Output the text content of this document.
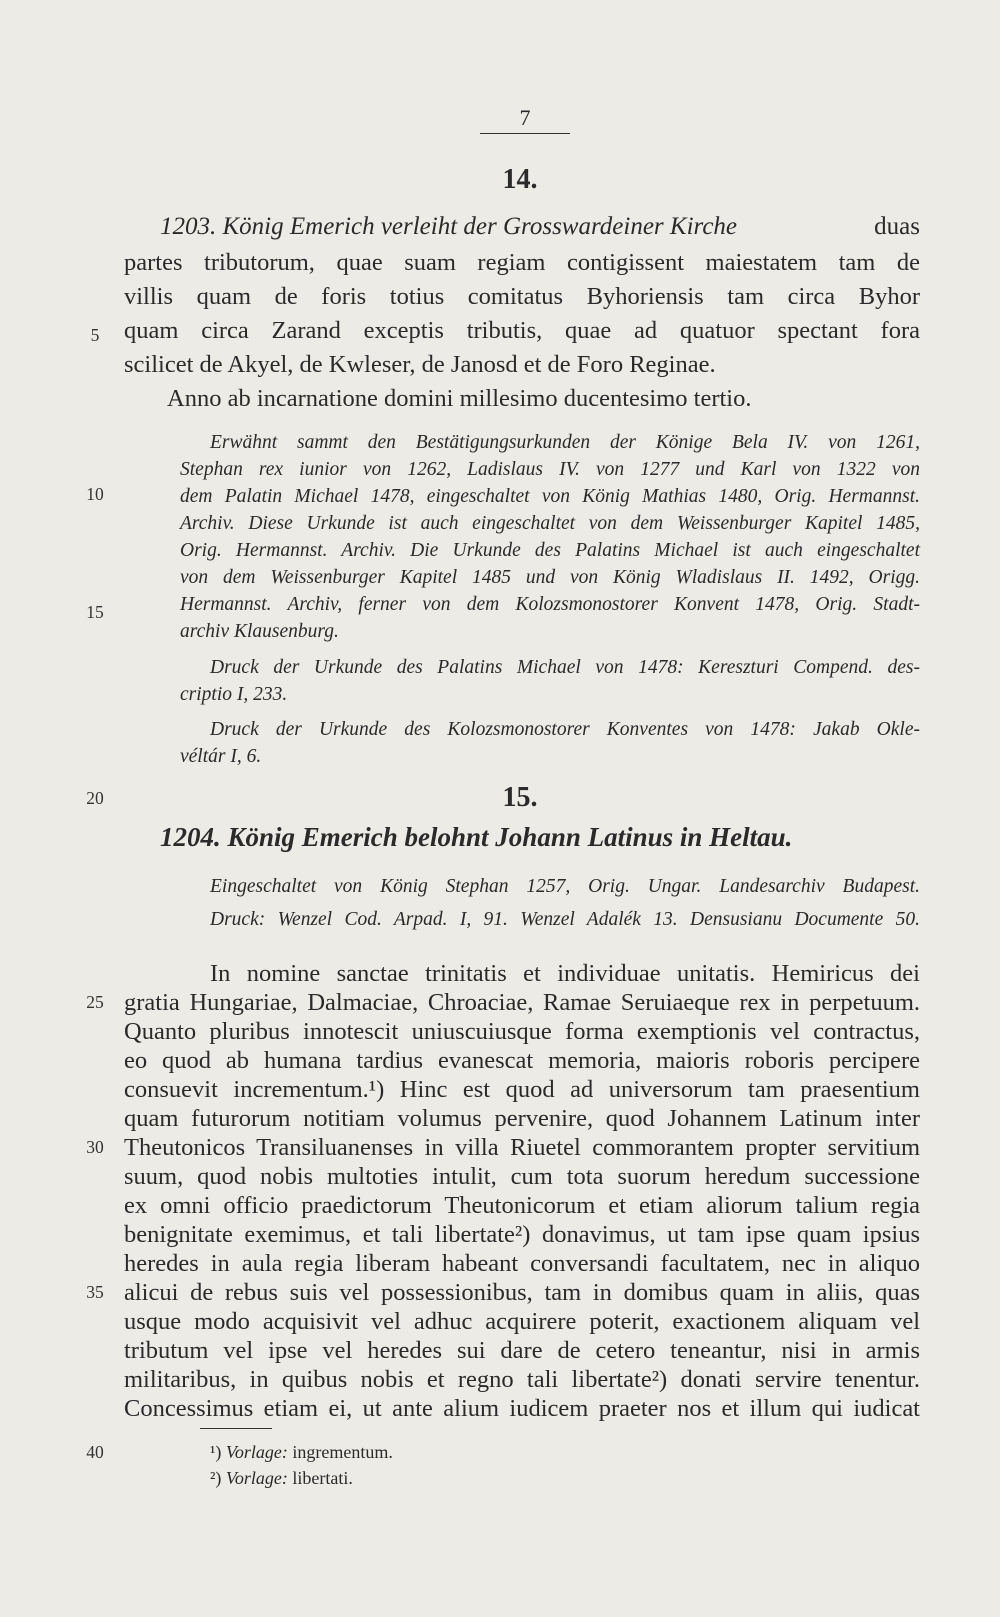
7
14.
1203. König Emerich verleiht der Grosswardeiner Kirche	duas
partes tributorum, quae suam regiam contigissent maiestatem tam de
villis quam de foris totius comitatus Byhoriensis tam circa Byhor
quam circa Zarand exceptis tributis, quae ad quatuor spectant fora
scilicet de Akyel, de Kwleser, de Janosd et de Foro Reginae.
Anno ab incarnatione domini millesimo ducentesimo tertio.
Erwähnt sammt den Bestätigungsurkunden der Könige Bela IV. von 1261,
Stephan rex iunior von 1262, Ladislaus IV. von 1277 und Karl von 1322 von
dem Palatin Michael 1478, eingeschaltet von König Mathias 1480, Orig. Hermannst.
Archiv. Diese Urkunde ist auch eingeschaltet von dem Weissenburger Kapitel 1485,
Orig. Hermannst. Archiv. Die Urkunde des Palatins Michael ist auch eingeschaltet
von dem Weissenburger Kapitel 1485 und von König Wladislaus II. 1492, Origg.
Hermannst. Archiv, ferner von dem Kolozsmonostorer Konvent 1478, Orig. Stadt-
archiv Klausenburg.
Druck der Urkunde des Palatins Michael von 1478: Kereszturi Compend. des-
criptio I, 233.
Druck der Urkunde des Kolozsmonostorer Konventes von 1478: Jakab Okle-
véltár I, 6.
15.
1204. König Emerich belohnt Johann Latinus in Heltau.
Eingeschaltet von König Stephan 1257, Orig. Ungar. Landesarchiv Budapest.
Druck: Wenzel Cod. Arpad. I, 91. Wenzel Adalék 13. Densusianu Documente 50.
In nomine sanctae trinitatis et individuae unitatis. Hemiricus dei
gratia Hungariae, Dalmaciae, Chroaciae, Ramae Seruiaeque rex in perpetuum.
Quanto pluribus innotescit uniuscuiusque forma exemptionis vel contractus,
eo quod ab humana tardius evanescat memoria, maioris roboris percipere
consuevit incrementum.¹) Hinc est quod ad universorum tam praesentium
quam futurorum notitiam volumus pervenire, quod Johannem Latinum inter
Theutonicos Transiluanenses in villa Riuetel commorantem propter servitium
suum, quod nobis multoties intulit, cum tota suorum heredum successione
ex omni officio praedictorum Theutonicorum et etiam aliorum talium regia
benignitate exemimus, et tali libertate²) donavimus, ut tam ipse quam ipsius
heredes in aula regia liberam habeant conversandi facultatem, nec in aliquo
alicui de rebus suis vel possessionibus, tam in domibus quam in aliis, quas
usque modo acquisivit vel adhuc acquirere poterit, exactionem aliquam vel
tributum vel ipse vel heredes sui dare de cetero teneantur, nisi in armis
militaribus, in quibus nobis et regno tali libertate²) donati servire tenentur.
Concessimus etiam ei, ut ante alium iudicem praeter nos et illum qui iudicat
5
10
15
20
25
30
35
40	¹) Vorlage: ingrementum.
²) Vorlage: libertati.
